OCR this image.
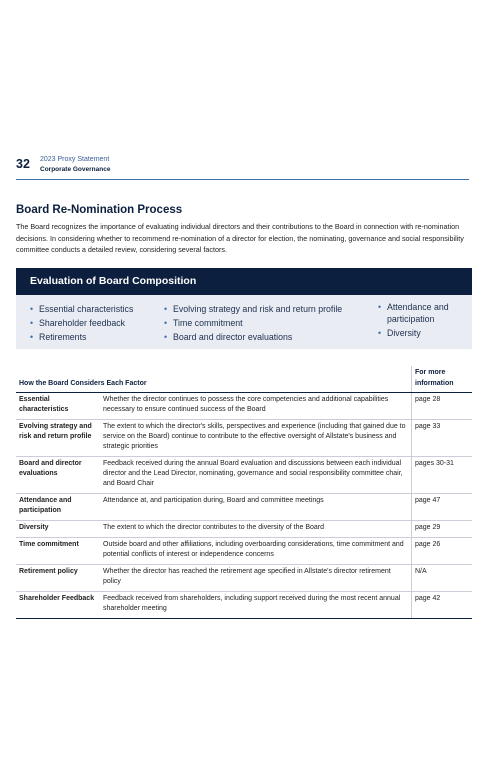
32 2023 Proxy Statement
Corporate Governance
Board Re-Nomination Process

The Board recognizes the importance of evaluating individual directors and their contributions to the Board in connection with re-nomination decisions. In considering whether to recommend re-nomination of a director for election, the nominating, governance and social responsibility committee conducts a detailed review, considering several factors.

Evaluation of Board Composition
• Essential characteristics
• Shareholder feedback
• Retirements
• Evolving strategy and risk and return profile
• Time commitment
• Board and director evaluations
• Attendance and participation
• Diversity
How the Board Considers Each Factor		For more information
Essential characteristics	Whether the director continues to possess the core competencies and additional capabilities necessary to ensure continued success of the Board	page 28
Evolving strategy and risk and return profile	The extent to which the director's skills, perspectives and experience (including that gained due to service on the Board) continue to contribute to the effective oversight of Allstate's business and strategic priorities	page 33
Board and director evaluations	Feedback received during the annual Board evaluation and discussions between each individual director and the Lead Director, nominating, governance and social responsibility committee chair, and Board Chair	pages 30-31
Attendance and participation	Attendance at, and participation during, Board and committee meetings	page 47
Diversity	The extent to which the director contributes to the diversity of the Board	page 29
Time commitment	Outside board and other affiliations, including overboarding considerations, time commitment and potential conflicts of interest or independence concerns	page 26
Retirement policy	Whether the director has reached the retirement age specified in Allstate's director retirement policy	N/A
Shareholder Feedback	Feedback received from shareholders, including support received during the most recent annual shareholder meeting	page 42
